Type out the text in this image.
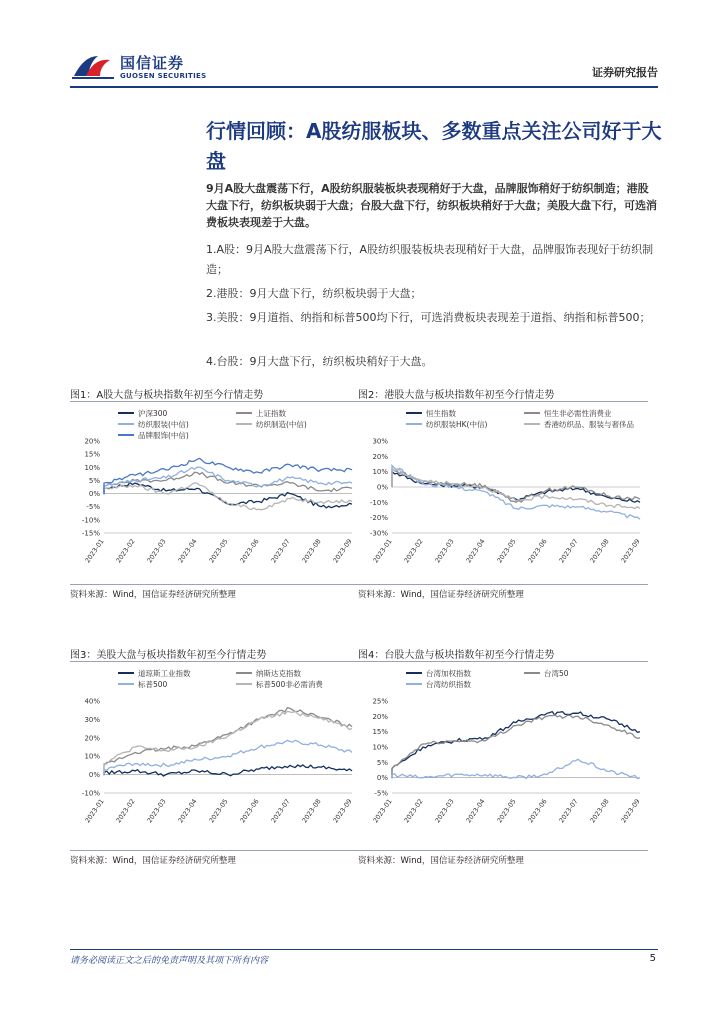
国信证券
GUOSEN SECURITIES	证券研究报告
行情回顾：A股纺服板块、多数重点关注公司好于大盘
9月A股大盘震荡下行，A股纺织服装板块表现稍好于大盘，品牌服饰稍好于纺织制造；港股大盘下行，纺织板块弱于大盘；台股大盘下行，纺织板块稍好于大盘；美股大盘下行，可选消费板块表现差于大盘。
1.A股：9月A股大盘震荡下行，A股纺织服装板块表现稍好于大盘，品牌服饰表现好于纺织制造；
2.港股：9月大盘下行，纺织板块弱于大盘；
3.美股：9月道指、纳指和标普500均下行，可选消费板块表现差于道指、纳指和标普500；
4.台股：9月大盘下行，纺织板块稍好于大盘。
图1：A股大盘与板块指数年初至今行情走势
沪深300	上证指数
纺织服装(中信)	纺织制造(中信)
品牌服饰(中信)
-15%
-10%
-5%
0%
5%
10%
15%
20%
2023-01 2023-02 2023-03 2023-04 2023-05 2023-06 2023-07 2023-08 2023-09
资料来源：Wind，国信证券经济研究所整理
图2：港股大盘与板块指数年初至今行情走势
恒生指数	恒生非必需性消费业
纺织服装HK(中信)	香港纺织品、服装与奢侈品
-30%
-20%
-10%
0%
10%
20%
30%
2023-01 2023-02 2023-03 2023-04 2023-05 2023-06 2023-07 2023-08 2023-09
资料来源：Wind，国信证券经济研究所整理
图3：美股大盘与板块指数年初至今行情走势
道琼斯工业指数	纳斯达克指数
标普500	标普500非必需消费
-10%
0%
10%
20%
30%
40%
2023-01 2023-02 2023-03 2023-04 2023-05 2023-06 2023-07 2023-08 2023-09
资料来源：Wind，国信证券经济研究所整理
图4：台股大盘与板块指数年初至今行情走势
台湾加权指数	台湾50
台湾纺织指数
-5%
0%
5%
10%
15%
20%
25%
2023-01 2023-02 2023-03 2023-04 2023-05 2023-06 2023-07 2023-08 2023-09
资料来源：Wind，国信证券经济研究所整理
请务必阅读正文之后的免责声明及其项下所有内容	5
